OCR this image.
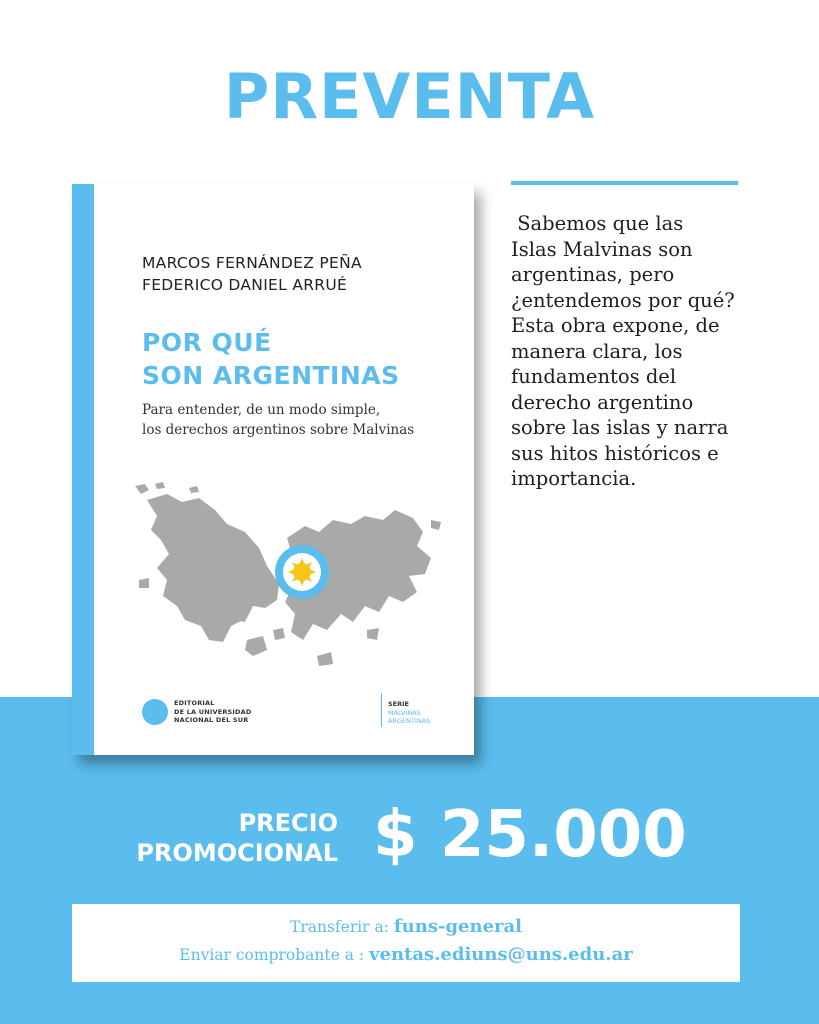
PREVENTA
MARCOS FERNÁNDEZ PEÑA
FEDERICO DANIEL ARRUÉ
POR QUÉ
SON ARGENTINAS
Para entender, de un modo simple,
los derechos argentinos sobre Malvinas
EDITORIAL
DE LA UNIVERSIDAD
NACIONAL DEL SUR
SERIE
MALVINAS
ARGENTINAS
Sabemos que las
Islas Malvinas son
argentinas, pero
¿entendemos por qué?
Esta obra expone, de
manera clara, los
fundamentos del
derecho argentino
sobre las islas y narra
sus hitos históricos e
importancia.
PRECIO
PROMOCIONAL $ 25.000
Transferir a: funs-general
Enviar comprobante a : ventas.ediuns@uns.edu.ar
